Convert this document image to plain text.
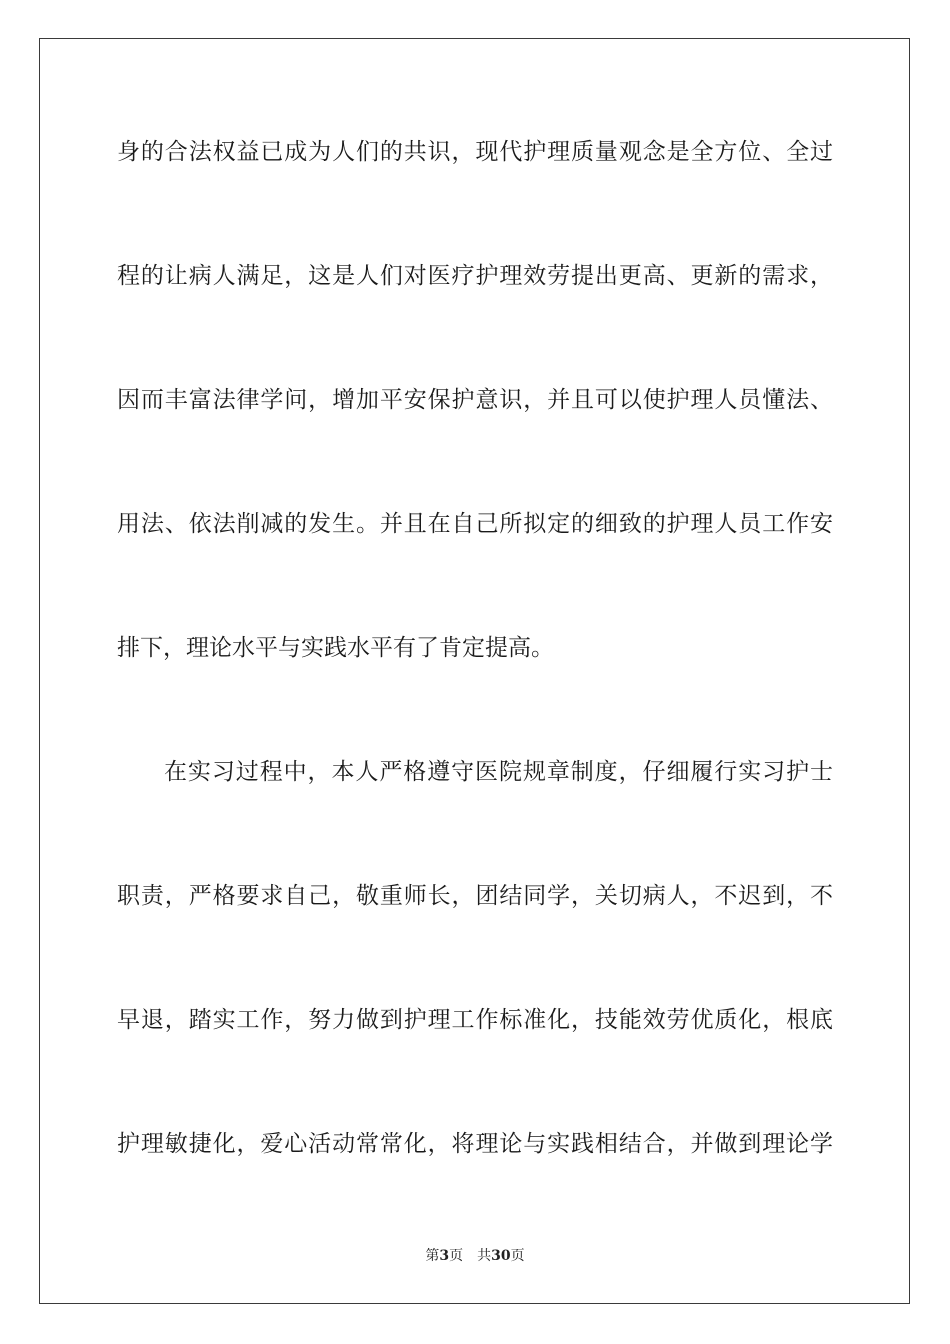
身的合法权益已成为人们的共识，现代护理质量观念是全方位、全过
程的让病人满足，这是人们对医疗护理效劳提出更高、更新的需求，
因而丰富法律学问，增加平安保护意识，并且可以使护理人员懂法、
用法、依法削减的发生。并且在自己所拟定的细致的护理人员工作安
排下，理论水平与实践水平有了肯定提高。
在实习过程中，本人严格遵守医院规章制度，仔细履行实习护士
职责，严格要求自己，敬重师长，团结同学，关切病人，不迟到，不
早退，踏实工作，努力做到护理工作标准化，技能效劳优质化，根底
护理敏捷化，爱心活动常常化，将理论与实践相结合，并做到理论学
第3页 共30页
